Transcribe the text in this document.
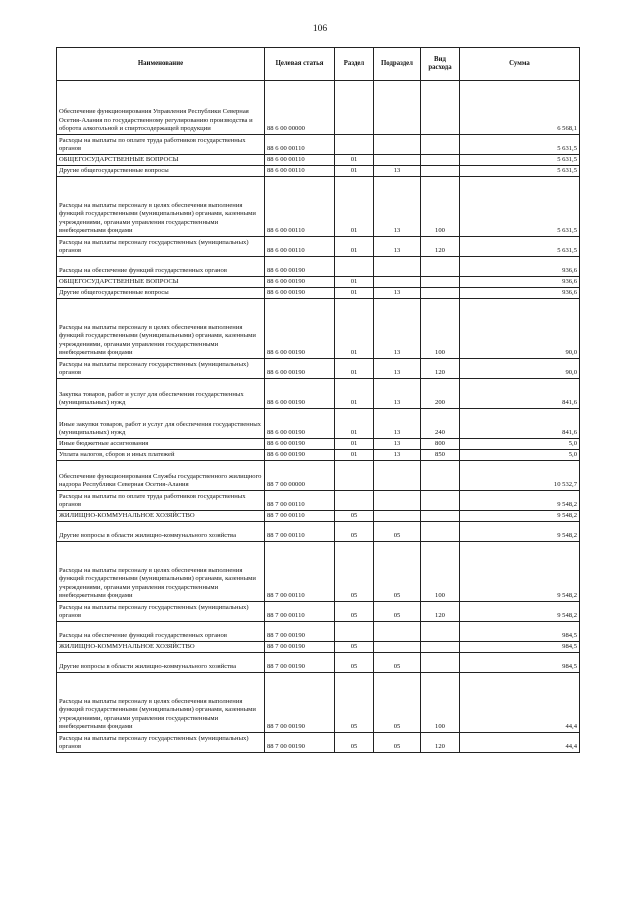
106
Наименование	Целевая статья	Раздел	Подраздел	Вид расхода	Сумма
Обеспечение функционирования Управления Республики Северная Осетия-Алания по государственному регулированию производства и оборота алкогольной и спиртосодержащей продукции	88 6 00 00000				6 568,1
Расходы на выплаты по оплате труда работников государственных органов	88 6 00 00110				5 631,5
ОБЩЕГОСУДАРСТВЕННЫЕ ВОПРОСЫ	88 6 00 00110	01			5 631,5
Другие общегосударственные вопросы	88 6 00 00110	01	13		5 631,5
Расходы на выплаты персоналу в целях обеспечения выполнения функций государственными (муниципальными) органами, казенными учреждениями, органами управления государственными внебюджетными фондами	88 6 00 00110	01	13	100	5 631,5
Расходы на выплаты персоналу государственных (муниципальных) органов	88 6 00 00110	01	13	120	5 631,5
Расходы на обеспечение функций государственных органов	88 6 00 00190				936,6
ОБЩЕГОСУДАРСТВЕННЫЕ ВОПРОСЫ	88 6 00 00190	01			936,6
Другие общегосударственные вопросы	88 6 00 00190	01	13		936,6
Расходы на выплаты персоналу в целях обеспечения выполнения функций государственными (муниципальными) органами, казенными учреждениями, органами управления государственными внебюджетными фондами	88 6 00 00190	01	13	100	90,0
Расходы на выплаты персоналу государственных (муниципальных) органов	88 6 00 00190	01	13	120	90,0
Закупка товаров, работ и услуг для обеспечения государственных (муниципальных) нужд	88 6 00 00190	01	13	200	841,6
Иные закупки товаров, работ и услуг для обеспечения государственных (муниципальных) нужд	88 6 00 00190	01	13	240	841,6
Иные бюджетные ассигнования	88 6 00 00190	01	13	800	5,0
Уплата налогов, сборов и иных платежей	88 6 00 00190	01	13	850	5,0
Обеспечение функционирования Службы государственного жилищного надзора Республики Северная Осетия-Алания	88 7 00 00000				10 532,7
Расходы на выплаты по оплате труда работников государственных органов	88 7 00 00110				9 548,2
ЖИЛИЩНО-КОММУНАЛЬНОЕ ХОЗЯЙСТВО	88 7 00 00110	05			9 548,2
Другие вопросы в области жилищно-коммунального хозяйства	88 7 00 00110	05	05		9 548,2
Расходы на выплаты персоналу в целях обеспечения выполнения функций государственными (муниципальными) органами, казенными учреждениями, органами управления государственными внебюджетными фондами	88 7 00 00110	05	05	100	9 548,2
Расходы на выплаты персоналу государственных (муниципальных) органов	88 7 00 00110	05	05	120	9 548,2
Расходы на обеспечение функций государственных органов	88 7 00 00190				984,5
ЖИЛИЩНО-КОММУНАЛЬНОЕ ХОЗЯЙСТВО	88 7 00 00190	05			984,5
Другие вопросы в области жилищно-коммунального хозяйства	88 7 00 00190	05	05		984,5
Расходы на выплаты персоналу в целях обеспечения выполнения функций государственными (муниципальными) органами, казенными учреждениями, органами управления государственными внебюджетными фондами	88 7 00 00190	05	05	100	44,4
Расходы на выплаты персоналу государственных (муниципальных) органов	88 7 00 00190	05	05	120	44,4
